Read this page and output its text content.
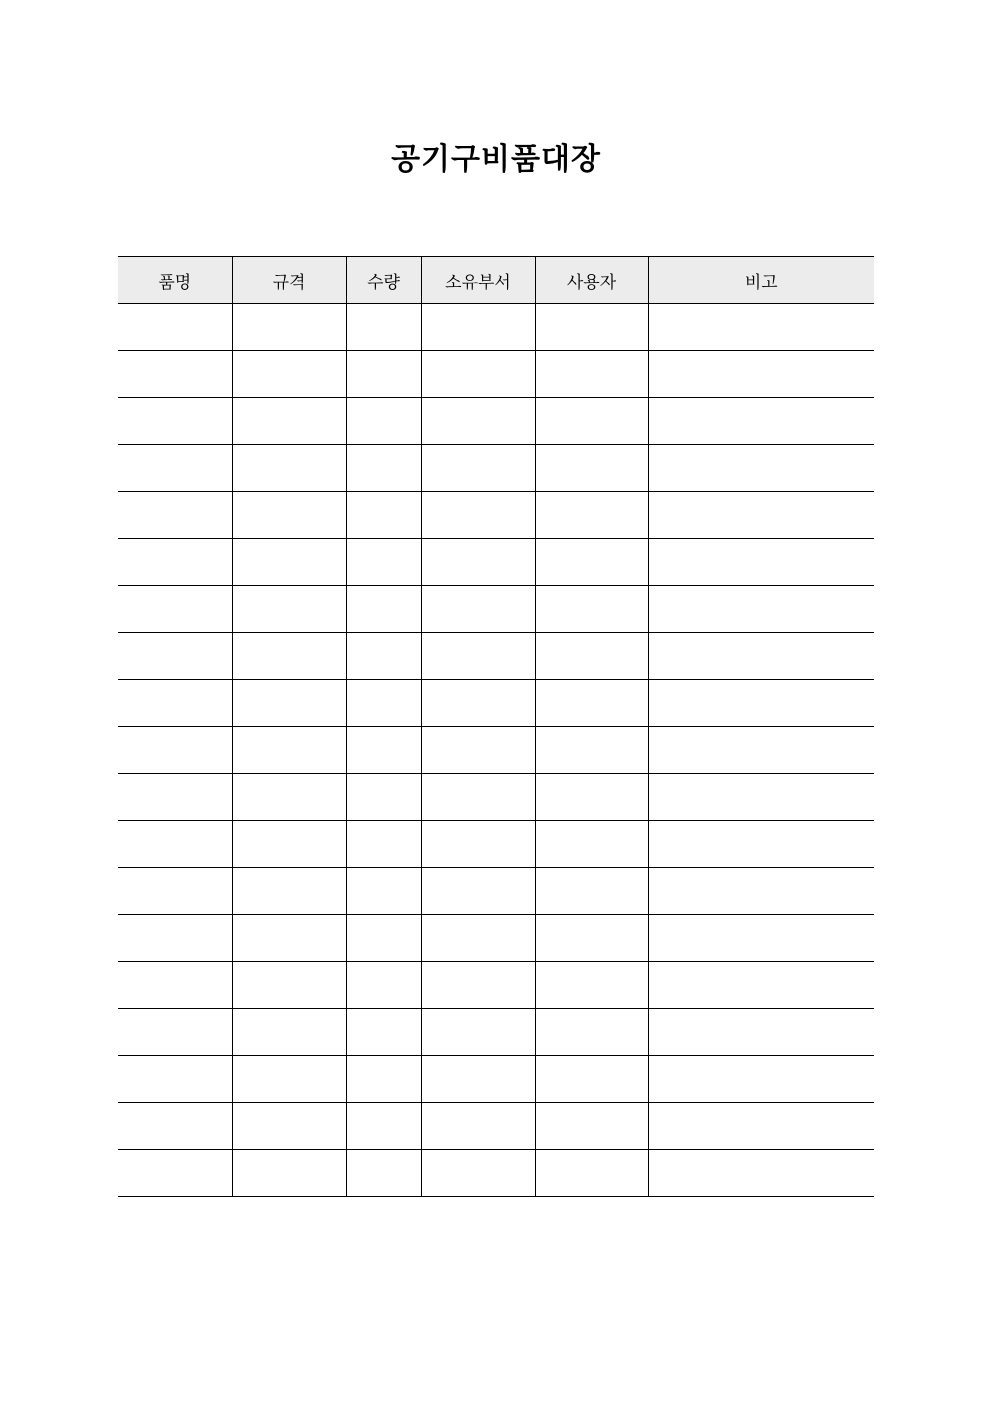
공기구비품대장
품명	규격	수량	소유부서	사용자	비고
